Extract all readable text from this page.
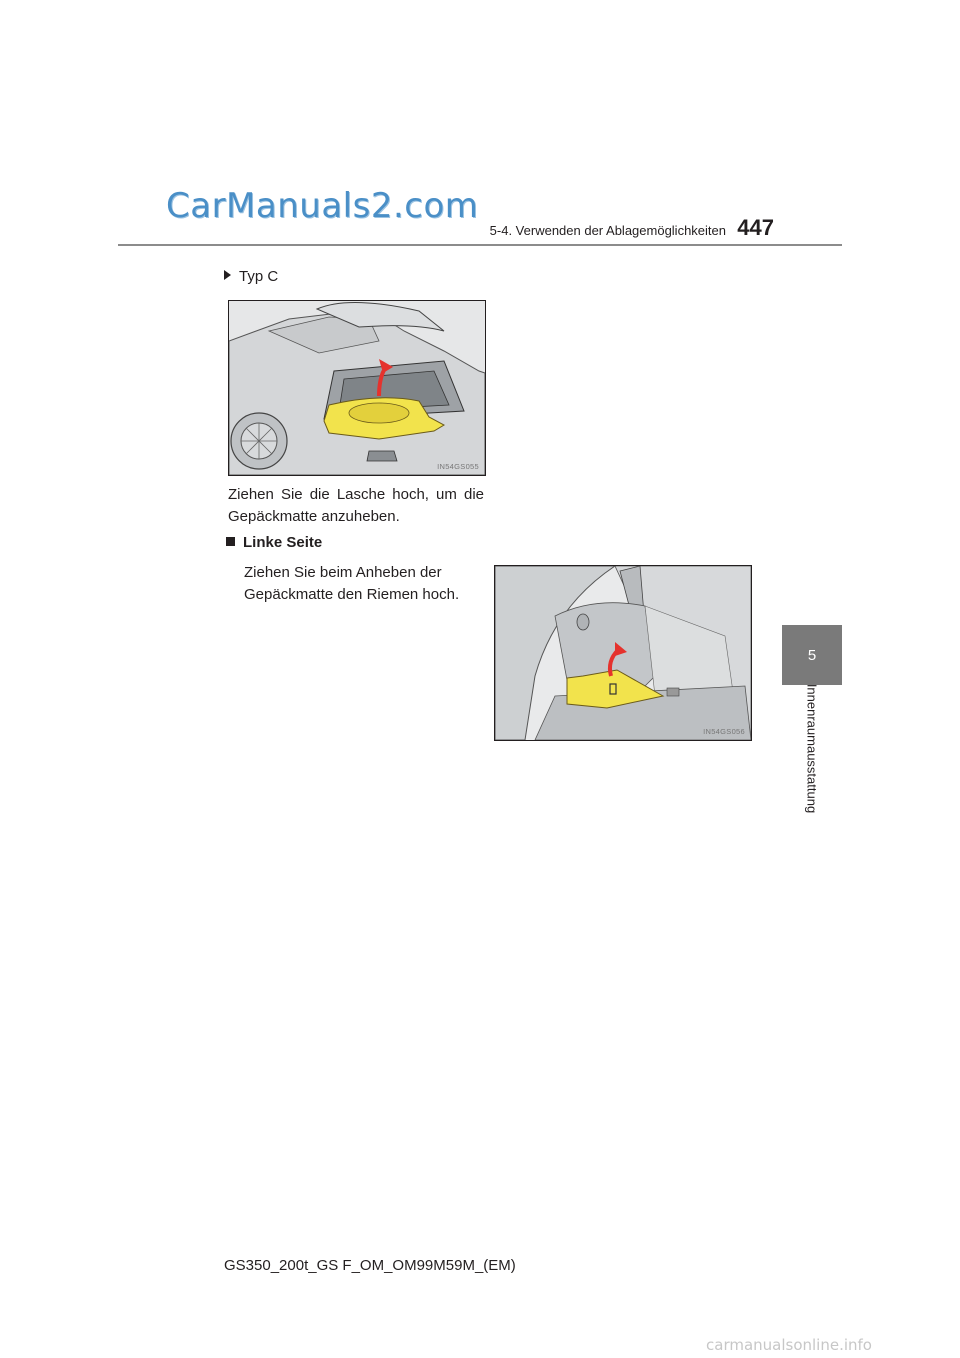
CarManuals2.com
5-4. Verwenden der Ablagemöglichkeiten 447
5
Innenraumausstattung
Typ C
IN54GS055
Ziehen Sie die Lasche hoch, um die Gepäckmatte anzuheben.
Linke Seite
Ziehen Sie beim Anheben der Gepäckmatte den Riemen hoch.
IN54GS056
GS350_200t_GS F_OM_OM99M59M_(EM)
carmanualsonline.info
